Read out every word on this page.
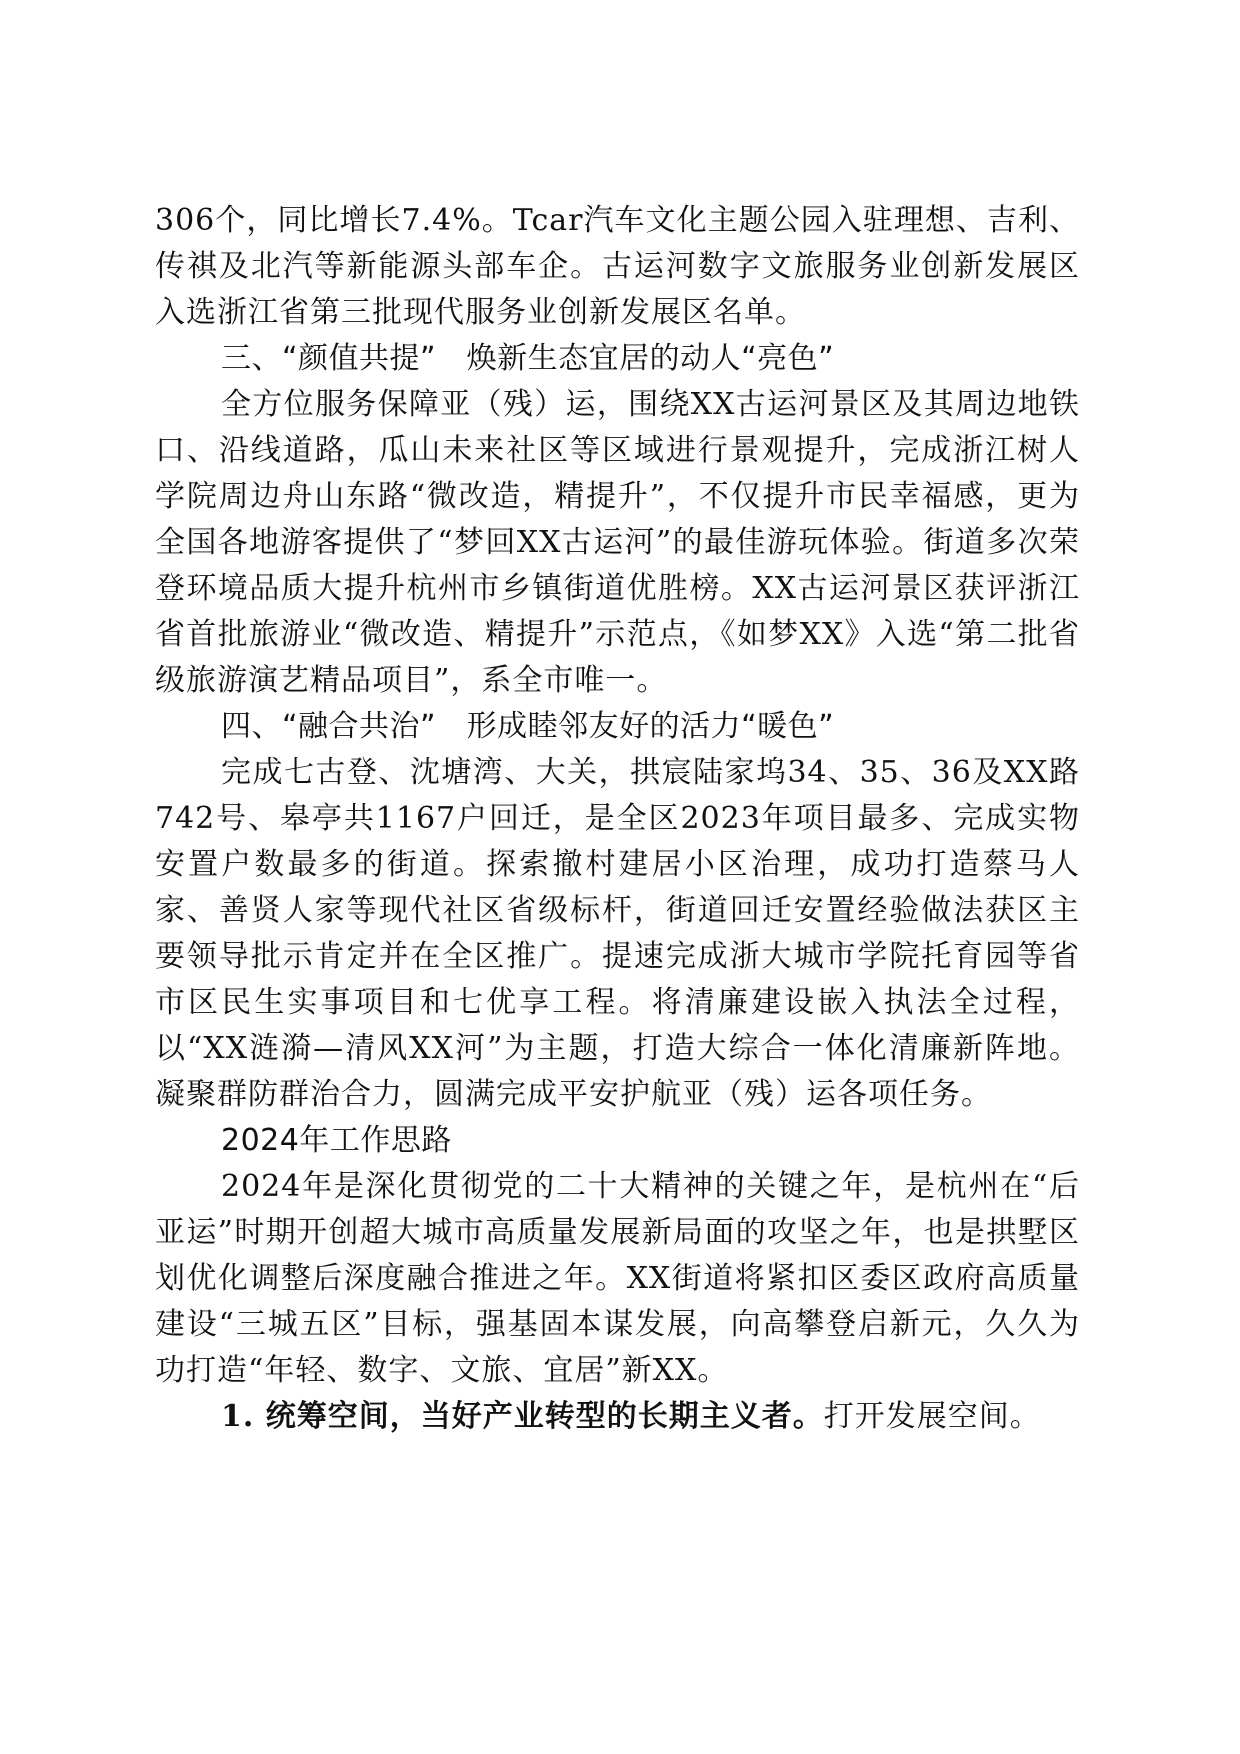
306个，同比增长7.4%。Tcar汽车文化主题公园入驻理想、吉利、传祺及北汽等新能源头部车企。古运河数字文旅服务业创新发展区入选浙江省第三批现代服务业创新发展区名单。

三、“颜值共提”　焕新生态宜居的动人“亮色”

全方位服务保障亚（残）运，围绕XX古运河景区及其周边地铁口、沿线道路，瓜山未来社区等区域进行景观提升，完成浙江树人学院周边舟山东路“微改造，精提升”，不仅提升市民幸福感，更为全国各地游客提供了“梦回XX古运河”的最佳游玩体验。街道多次荣登环境品质大提升杭州市乡镇街道优胜榜。XX古运河景区获评浙江省首批旅游业“微改造、精提升”示范点，《如梦XX》入选“第二批省级旅游演艺精品项目”，系全市唯一。

四、“融合共治”　形成睦邻友好的活力“暖色”

完成七古登、沈塘湾、大关，拱宸陆家坞34、35、36及XX路742号、皋亭共1167户回迁，是全区2023年项目最多、完成实物安置户数最多的街道。探索撤村建居小区治理，成功打造蔡马人家、善贤人家等现代社区省级标杆，街道回迁安置经验做法获区主要领导批示肯定并在全区推广。提速完成浙大城市学院托育园等省市区民生实事项目和七优享工程。将清廉建设嵌入执法全过程，以“XX涟漪—清风XX河”为主题，打造大综合一体化清廉新阵地。凝聚群防群治合力，圆满完成平安护航亚（残）运各项任务。

2024年工作思路

2024年是深化贯彻党的二十大精神的关键之年，是杭州在“后亚运”时期开创超大城市高质量发展新局面的攻坚之年，也是拱墅区划优化调整后深度融合推进之年。XX街道将紧扣区委区政府高质量建设“三城五区”目标，强基固本谋发展，向高攀登启新元，久久为功打造“年轻、数字、文旅、宜居”新XX。

1. 统筹空间，当好产业转型的长期主义者。打开发展空间。
